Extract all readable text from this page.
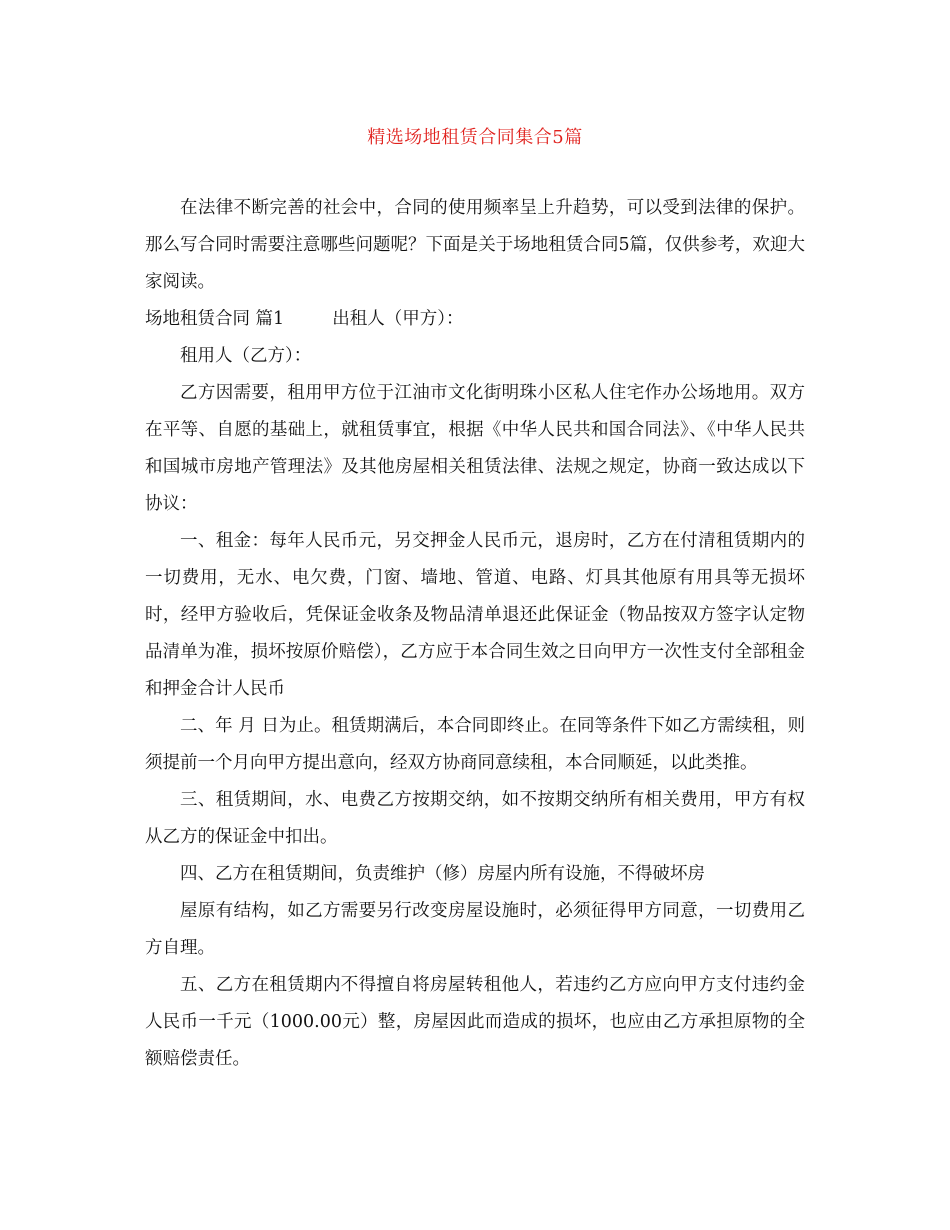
精选场地租赁合同集合5篇

在法律不断完善的社会中，合同的使用频率呈上升趋势，可以受到法律的保护。那么写合同时需要注意哪些问题呢？下面是关于场地租赁合同5篇，仅供参考，欢迎大家阅读。

场地租赁合同 篇1	出租人（甲方）：

租用人（乙方）：

乙方因需要，租用甲方位于江油市文化街明珠小区私人住宅作办公场地用。双方在平等、自愿的基础上，就租赁事宜，根据《中华人民共和国合同法》、《中华人民共和国城市房地产管理法》及其他房屋相关租赁法律、法规之规定，协商一致达成以下协议：

一、租金：每年人民币元，另交押金人民币元，退房时，乙方在付清租赁期内的一切费用，无水、电欠费，门窗、墙地、管道、电路、灯具其他原有用具等无损坏时，经甲方验收后，凭保证金收条及物品清单退还此保证金（物品按双方签字认定物品清单为准，损坏按原价赔偿），乙方应于本合同生效之日向甲方一次性支付全部租金和押金合计人民币

二、年 月 日为止。租赁期满后，本合同即终止。在同等条件下如乙方需续租，则须提前一个月向甲方提出意向，经双方协商同意续租，本合同顺延，以此类推。

三、租赁期间，水、电费乙方按期交纳，如不按期交纳所有相关费用，甲方有权从乙方的保证金中扣出。

四、乙方在租赁期间，负责维护（修）房屋内所有设施，不得破坏房

屋原有结构，如乙方需要另行改变房屋设施时，必须征得甲方同意，一切费用乙方自理。

五、乙方在租赁期内不得擅自将房屋转租他人，若违约乙方应向甲方支付违约金人民币一千元（1000.00元）整，房屋因此而造成的损坏，也应由乙方承担原物的全额赔偿责任。
